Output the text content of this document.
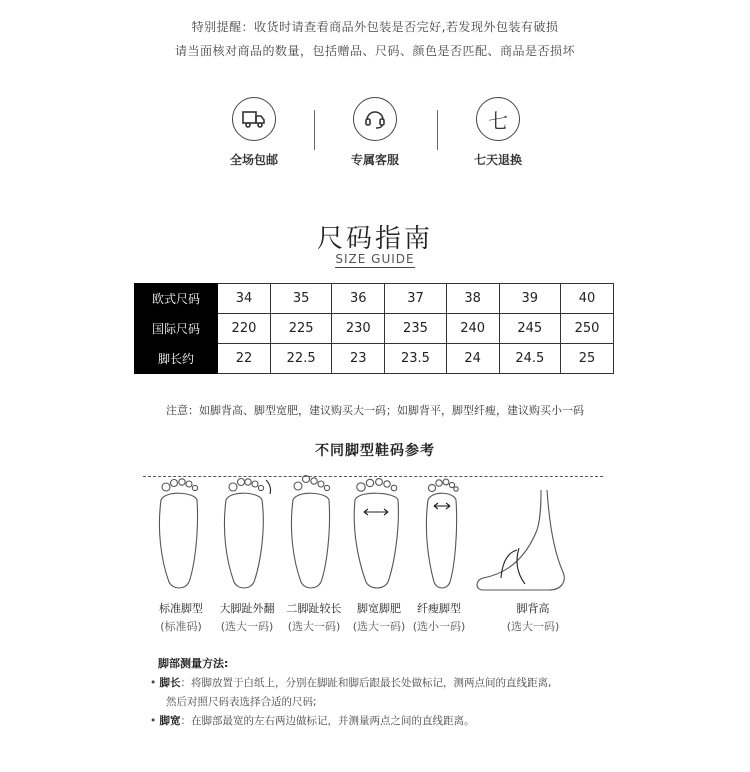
特别提醒：收货时请查看商品外包装是否完好,若发现外包装有破损
请当面核对商品的数量，包括赠品、尺码、颜色是否匹配、商品是否损坏
全场包邮	专属客服
七
七天退换
尺码指南
SIZE GUIDE
欧式尺码	34	35	36	37	38	39	40
国际尺码	220	225	230	235	240	245	250
脚长约	22	22.5	23	23.5	24	24.5	25
注意：如脚背高、脚型宽肥，建议购买大一码；如脚背平，脚型纤瘦，建议购买小一码
不同脚型鞋码参考
标准脚型
(标准码)
大脚趾外翻
(选大一码)
二脚趾较长
(选大一码)
脚宽脚肥
(选大一码)
纤瘦脚型
(选小一码)
脚背高
(选大一码)
脚部测量方法:
• 脚长：将脚放置于白纸上，分别在脚趾和脚后跟最长处做标记，测两点间的直线距离,
然后对照尺码表选择合适的尺码;
• 脚宽：在脚部最宽的左右两边做标记，并测量两点之间的直线距离。
